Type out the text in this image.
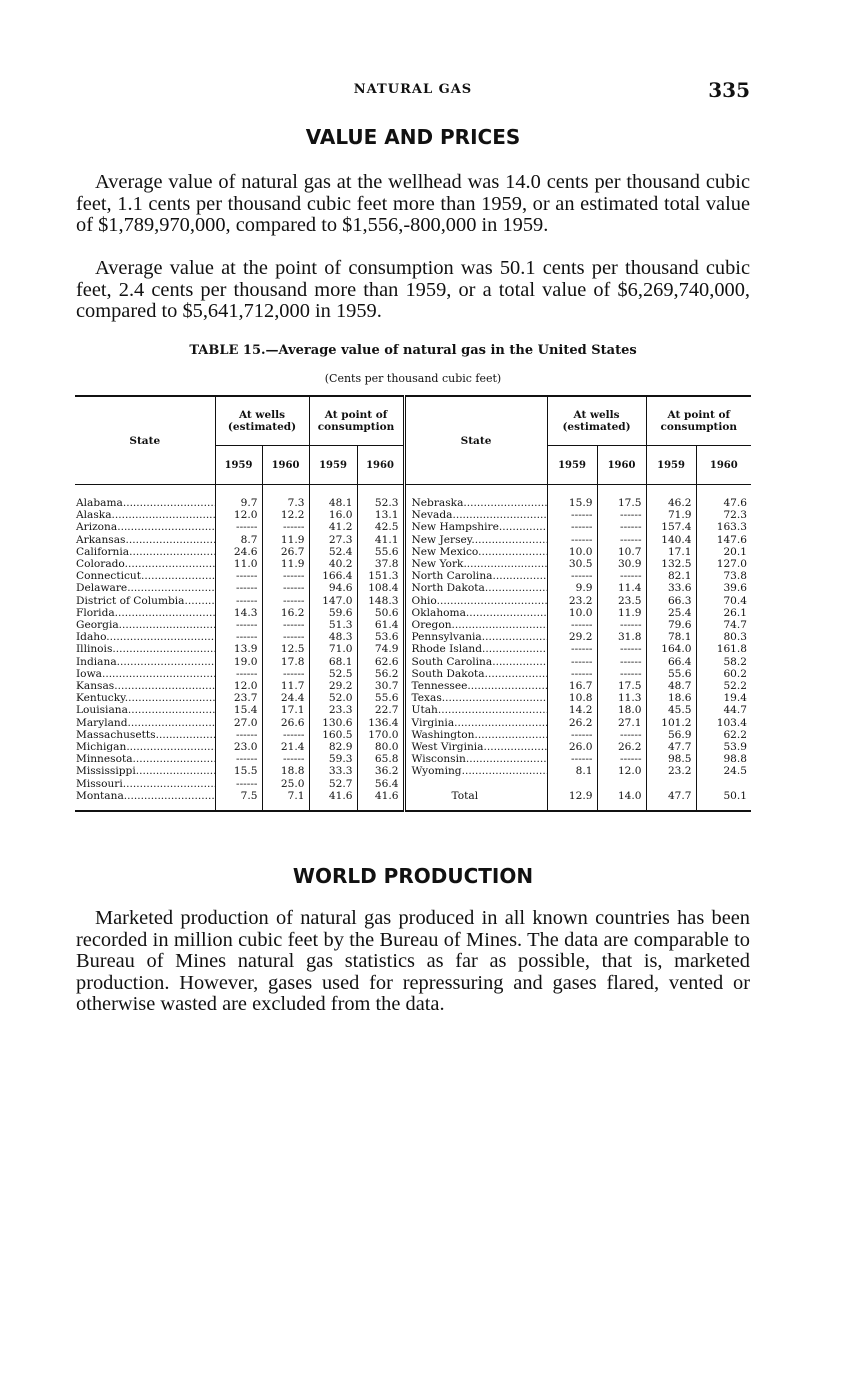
NATURAL GAS	335
VALUE AND PRICES

Average value of natural gas at the wellhead was 14.0 cents per thousand cubic feet, 1.1 cents per thousand cubic feet more than 1959, or an estimated total value of $1,789,970,000, compared to $1,556,-800,000 in 1959.

Average value at the point of consumption was 50.1 cents per thousand cubic feet, 2.4 cents per thousand more than 1959, or a total value of $6,269,740,000, compared to $5,641,712,000 in 1959.

TABLE 15.—Average value of natural gas in the United States
(Cents per thousand cubic feet)
State	At wells (estimated)		At point of consumption		State	At wells (estimated)		At point of consumption	
	1959	1960	1959	1960		1959	1960	1959	1960
Alabama .....	9.7	7.3	48.1	52.3	Nebraska .....	15.9	17.5	46.2	47.6
Alaska .....	12.0	12.2	16.0	13.1	Nevada .....	------	------	71.9	72.3
Arizona .....	------	------	41.2	42.5	New Hampshire .....	------	------	157.4	163.3
Arkansas .....	8.7	11.9	27.3	41.1	New Jersey .....	------	------	140.4	147.6
California .....	24.6	26.7	52.4	55.6	New Mexico .....	10.0	10.7	17.1	20.1
Colorado .....	11.0	11.9	40.2	37.8	New York .....	30.5	30.9	132.5	127.0
Connecticut .....	------	------	166.4	151.3	North Carolina .....	------	------	82.1	73.8
Delaware .....	------	------	94.6	108.4	North Dakota .....	9.9	11.4	33.6	39.6
District of Columbia .....	------	------	147.0	148.3	Ohio .....	23.2	23.5	66.3	70.4
Florida .....	14.3	16.2	59.6	50.6	Oklahoma .....	10.0	11.9	25.4	26.1
Georgia .....	------	------	51.3	61.4	Oregon .....	------	------	79.6	74.7
Idaho .....	------	------	48.3	53.6	Pennsylvania .....	29.2	31.8	78.1	80.3
Illinois .....	13.9	12.5	71.0	74.9	Rhode Island .....	------	------	164.0	161.8
Indiana .....	19.0	17.8	68.1	62.6	South Carolina .....	------	------	66.4	58.2
Iowa .....	------	------	52.5	56.2	South Dakota .....	------	------	55.6	60.2
Kansas .....	12.0	11.7	29.2	30.7	Tennessee .....	16.7	17.5	48.7	52.2
Kentucky .....	23.7	24.4	52.0	55.6	Texas .....	10.8	11.3	18.6	19.4
Louisiana .....	15.4	17.1	23.3	22.7	Utah .....	14.2	18.0	45.5	44.7
Maryland .....	27.0	26.6	130.6	136.4	Virginia .....	26.2	27.1	101.2	103.4
Massachusetts .....	------	------	160.5	170.0	Washington .....	------	------	56.9	62.2
Michigan .....	23.0	21.4	82.9	80.0	West Virginia .....	26.0	26.2	47.7	53.9
Minnesota .....	------	------	59.3	65.8	Wisconsin .....	------	------	98.5	98.8
Mississippi .....	15.5	18.8	33.3	36.2	Wyoming .....	8.1	12.0	23.2	24.5
Missouri .....	------	25.0	52.7	56.4					
Montana .....	7.5	7.1	41.6	41.6	Total	12.9	14.0	47.7	50.1
WORLD PRODUCTION

Marketed production of natural gas produced in all known countries has been recorded in million cubic feet by the Bureau of Mines. The data are comparable to Bureau of Mines natural gas statistics as far as possible, that is, marketed production. However, gases used for repressuring and gases flared, vented or otherwise wasted are excluded from the data.
